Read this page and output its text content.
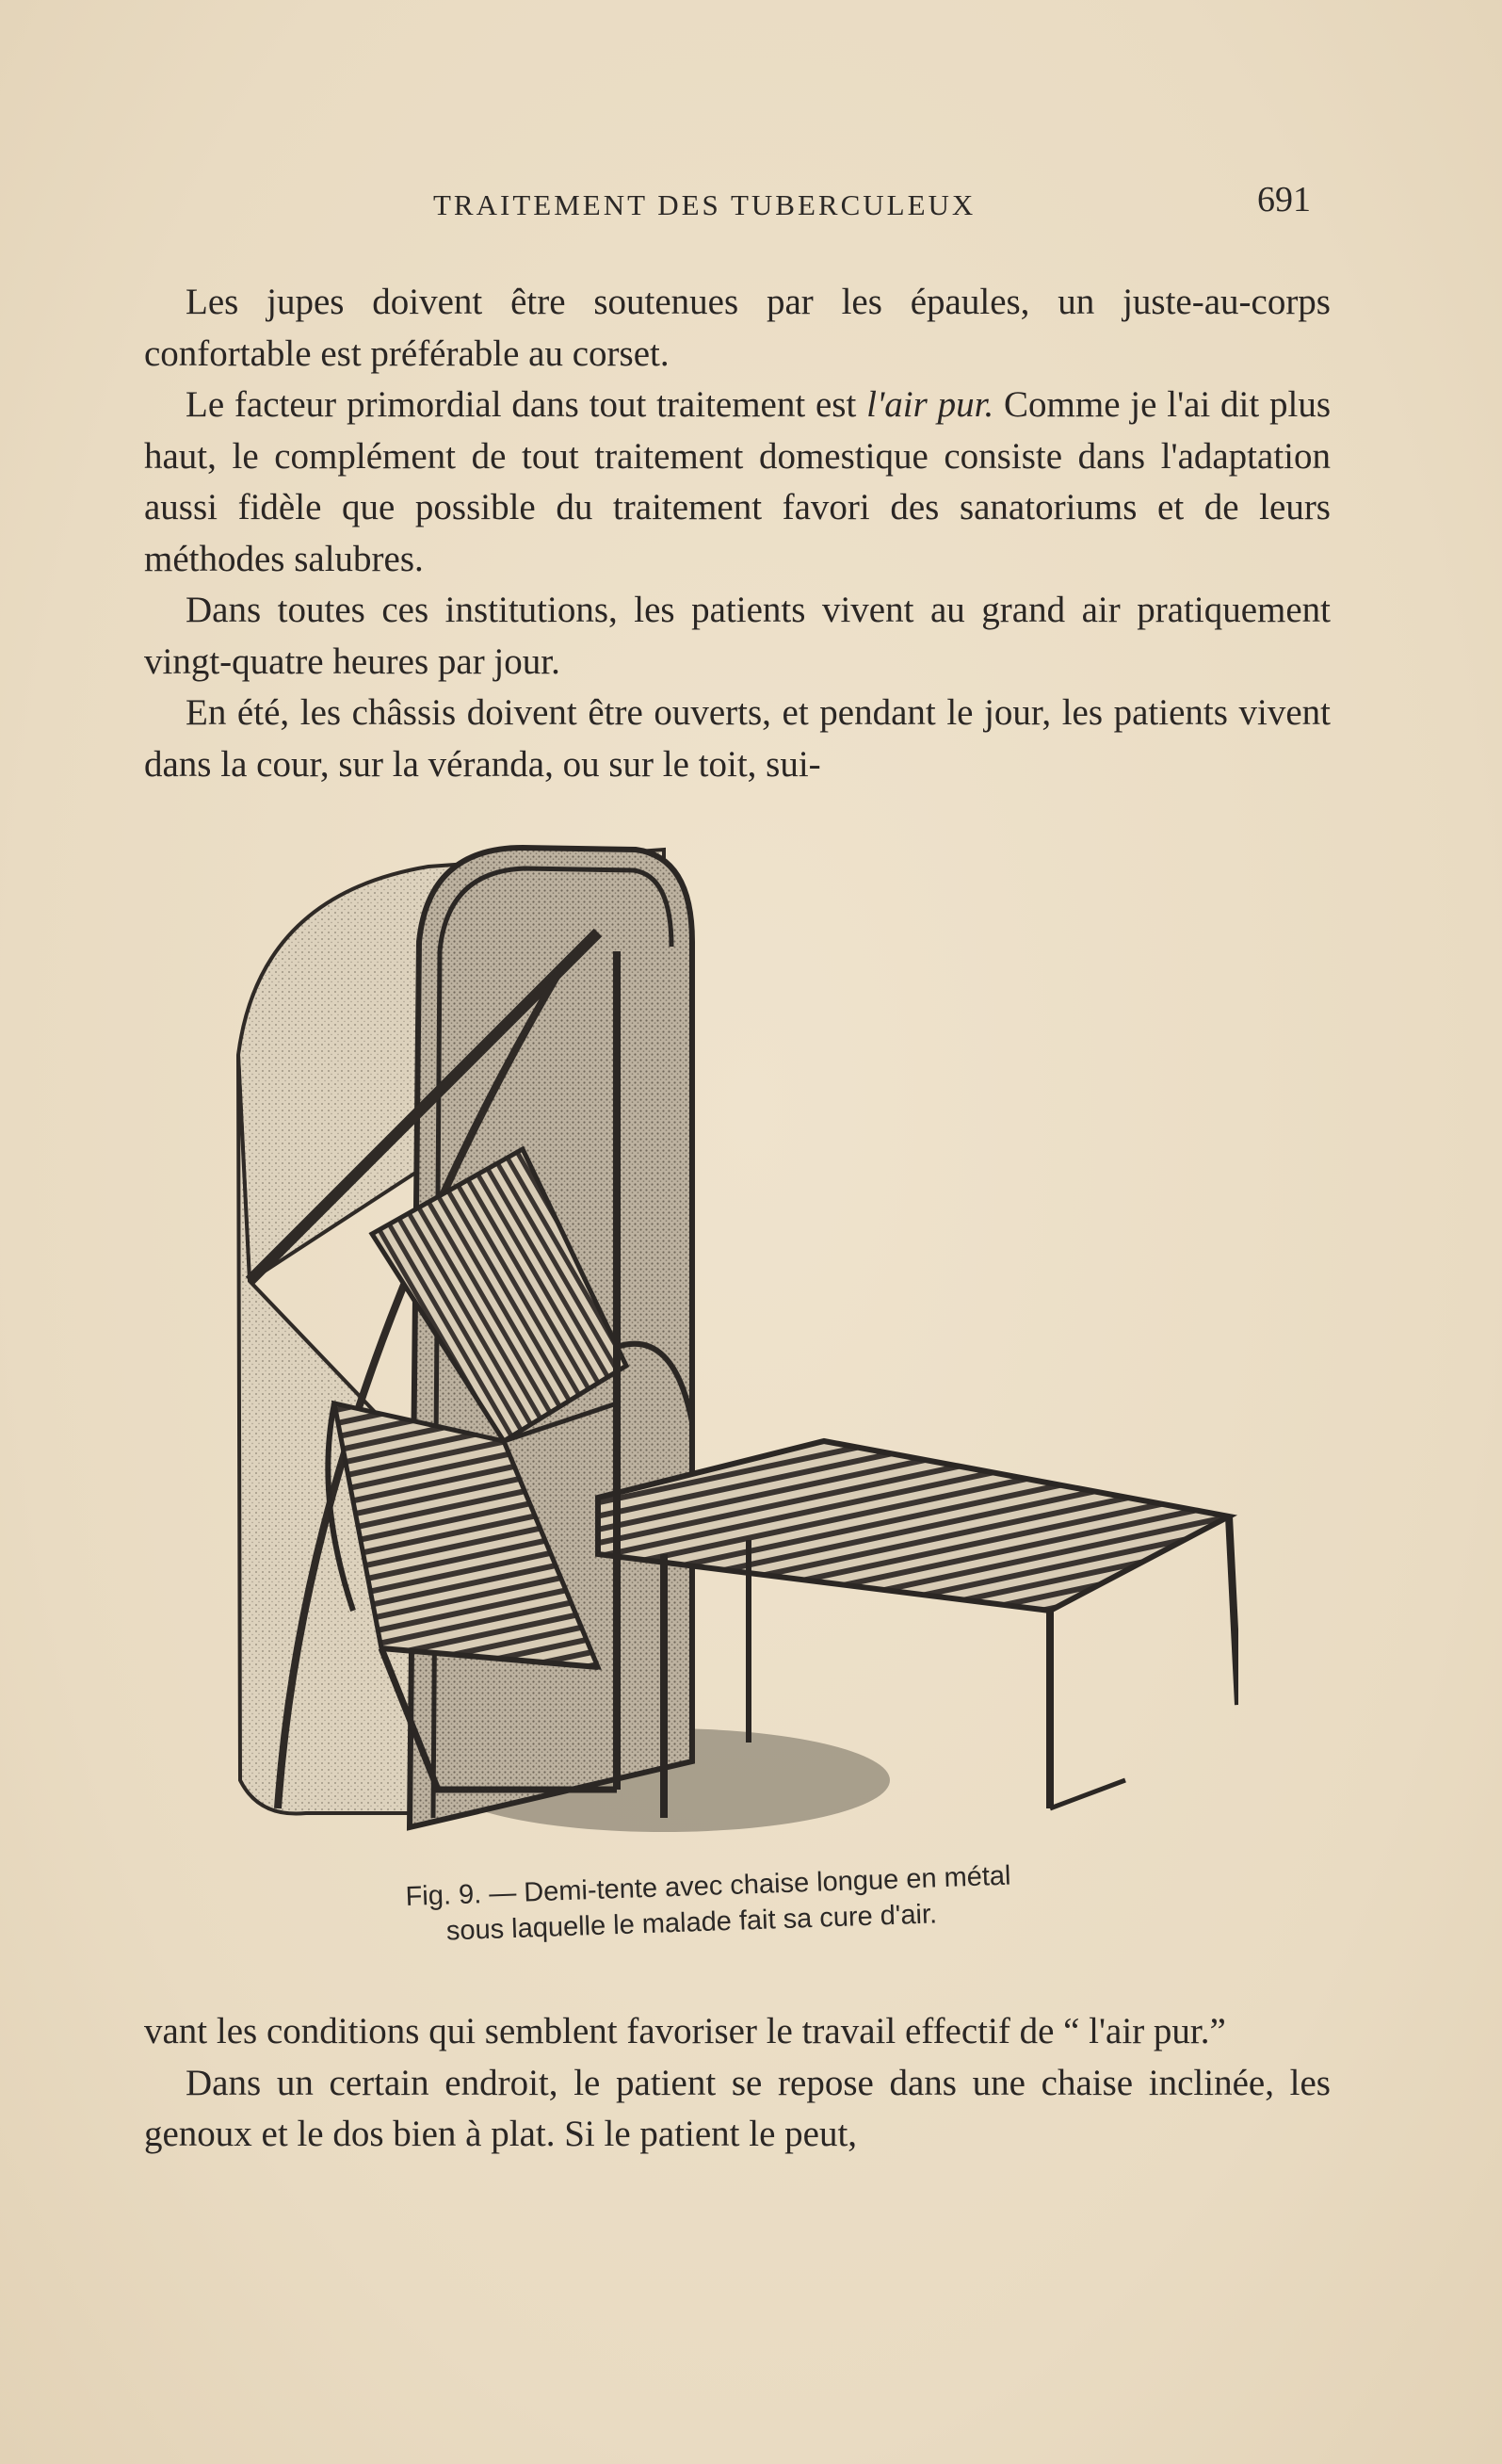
TRAITEMENT DES TUBERCULEUX	691

Les jupes doivent être soutenues par les épaules, un juste-au-corps confortable est préférable au corset.

Le facteur primordial dans tout traitement est l'air pur. Comme je l'ai dit plus haut, le complément de tout traitement domestique consiste dans l'adaptation aussi fidèle que possible du traitement favori des sanatoriums et de leurs méthodes salubres.

Dans toutes ces institutions, les patients vivent au grand air pratiquement vingt-quatre heures par jour.

En été, les châssis doivent être ouverts, et pendant le jour, les patients vivent dans la cour, sur la véranda, ou sur le toit, sui-

Fig. 9. — Demi-tente avec chaise longue en métal
sous laquelle le malade fait sa cure d'air.

vant les conditions qui semblent favoriser le travail effectif de “ l'air pur.”

Dans un certain endroit, le patient se repose dans une chaise inclinée, les genoux et le dos bien à plat. Si le patient le peut,
